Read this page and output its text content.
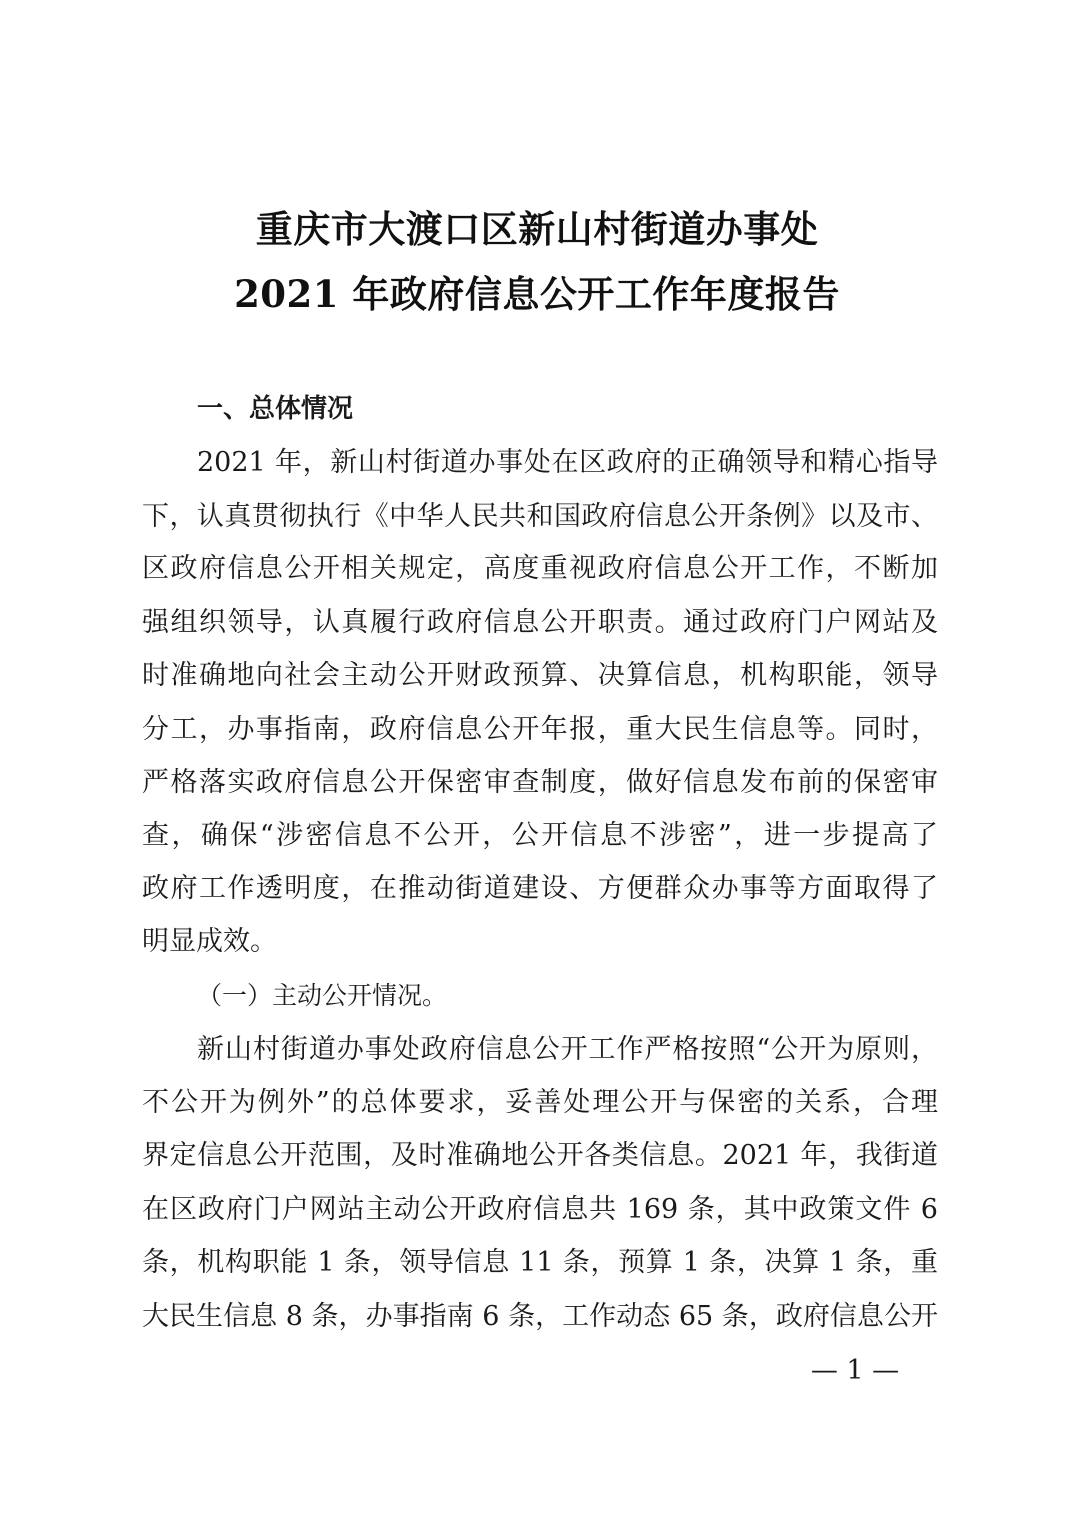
重庆市大渡口区新山村街道办事处
2021 年政府信息公开工作年度报告
一、总体情况
2021 年，新山村街道办事处在区政府的正确领导和精心指导
下，认真贯彻执行《中华人民共和国政府信息公开条例》以及市、
区政府信息公开相关规定，高度重视政府信息公开工作，不断加
强组织领导，认真履行政府信息公开职责。通过政府门户网站及
时准确地向社会主动公开财政预算、决算信息，机构职能，领导
分工，办事指南，政府信息公开年报，重大民生信息等。同时，
严格落实政府信息公开保密审查制度，做好信息发布前的保密审
查，确保“涉密信息不公开，公开信息不涉密”，进一步提高了
政府工作透明度，在推动街道建设、方便群众办事等方面取得了
明显成效。
（一）主动公开情况。
新山村街道办事处政府信息公开工作严格按照“公开为原则，
不公开为例外”的总体要求，妥善处理公开与保密的关系，合理
界定信息公开范围，及时准确地公开各类信息。2021 年，我街道
在区政府门户网站主动公开政府信息共 169 条，其中政策文件 6
条，机构职能 1 条，领导信息 11 条，预算 1 条，决算 1 条，重
大民生信息 8 条，办事指南 6 条，工作动态 65 条，政府信息公开
— 1 —
